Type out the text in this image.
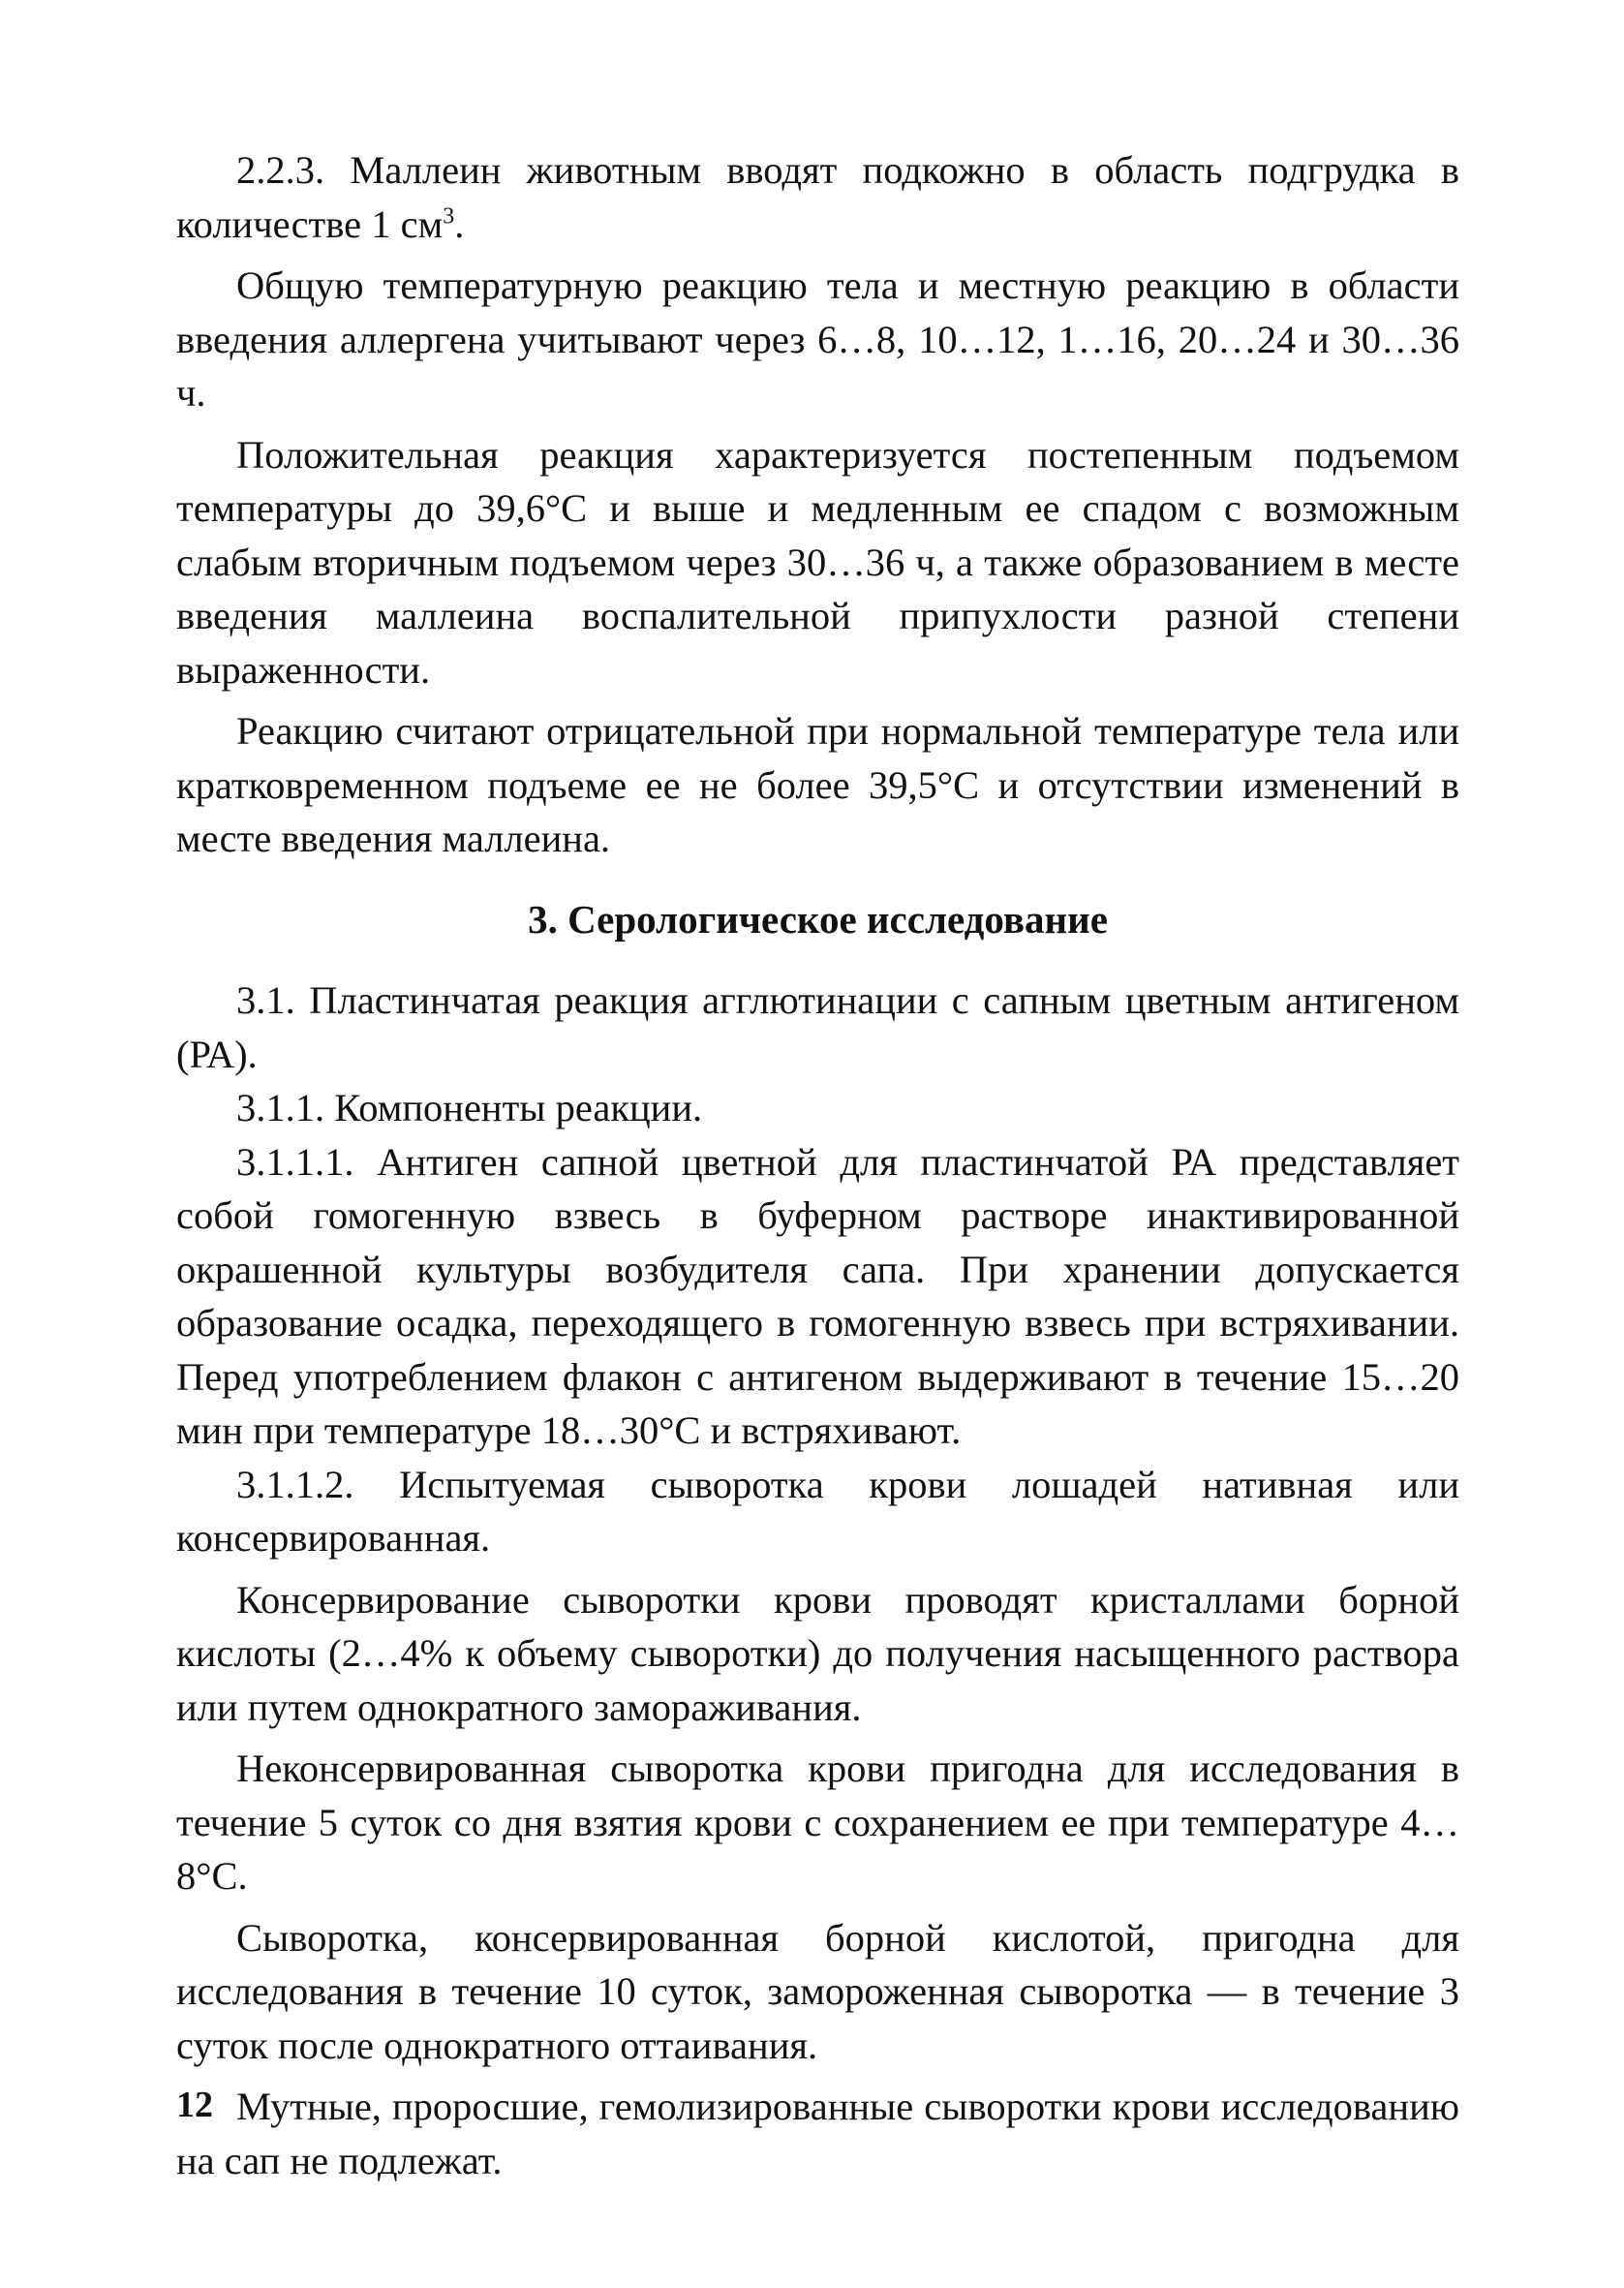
2.2.3. Маллеин животным вводят подкожно в область подгрудка в количестве 1 $см^3$.

Общую температурную реакцию тела и местную реакцию в области введения аллергена учитывают через 6…8, 10…12, 1…16, 20…24 и 30…36 ч.

Положительная реакция характеризуется постепенным подъемом температуры до 39,6°С и выше и медленным ее спадом с возможным слабым вторичным подъемом через 30…36 ч, а также образованием в месте введения маллеина воспалительной припухлости разной степени выраженности.

Реакцию считают отрицательной при нормальной температуре тела или кратковременном подъеме ее не более 39,5°С и отсутствии изменений в месте введения маллеина.

3. Серологическое исследование

3.1. Пластинчатая реакция агглютинации с сапным цветным антигеном (РА).

3.1.1. Компоненты реакции.

3.1.1.1. Антиген сапной цветной для пластинчатой РА представляет собой гомогенную взвесь в буферном растворе инактивированной окрашенной культуры возбудителя сапа. При хранении допускается образование осадка, переходящего в гомогенную взвесь при встряхивании. Перед употреблением флакон с антигеном выдерживают в течение 15…20 мин при температуре 18…30°С и встряхивают.

3.1.1.2. Испытуемая сыворотка крови лошадей нативная или консервированная.

Консервирование сыворотки крови проводят кристаллами борной кислоты (2…4% к объему сыворотки) до получения насыщенного раствора или путем однократного замораживания.

Неконсервированная сыворотка крови пригодна для исследования в течение 5 суток со дня взятия крови с сохранением ее при температуре 4…8°С.

Сыворотка, консервированная борной кислотой, пригодна для исследования в течение 10 суток, замороженная сыворотка — в течение 3 суток после однократного оттаивания.

Мутные, проросшие, гемолизированные сыворотки крови исследованию на сап не подлежат.

12
